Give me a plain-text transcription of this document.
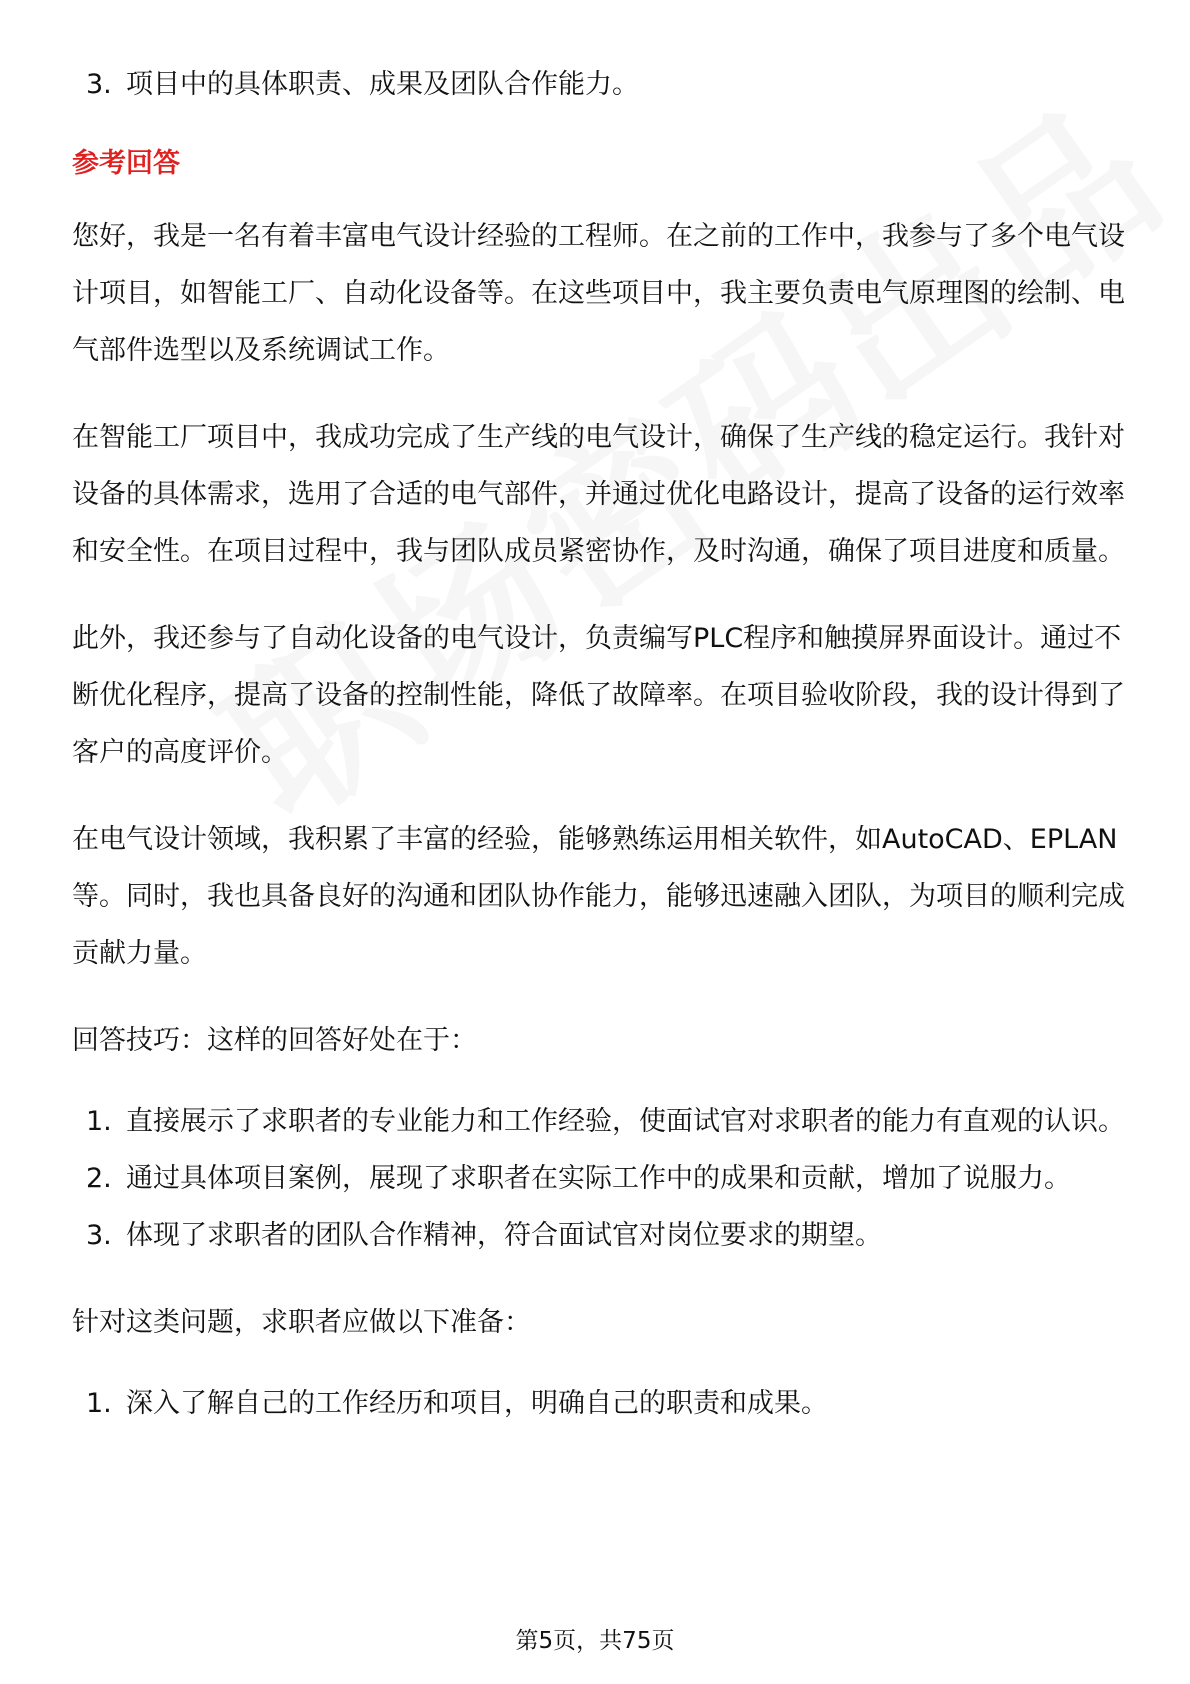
3. 项目中的具体职责、成果及团队合作能力。
参考回答

您好，我是一名有着丰富电气设计经验的工程师。在之前的工作中，我参与了多个电气设计项目，如智能工厂、自动化设备等。在这些项目中，我主要负责电气原理图的绘制、电气部件选型以及系统调试工作。

在智能工厂项目中，我成功完成了生产线的电气设计，确保了生产线的稳定运行。我针对设备的具体需求，选用了合适的电气部件，并通过优化电路设计，提高了设备的运行效率和安全性。在项目过程中，我与团队成员紧密协作，及时沟通，确保了项目进度和质量。

此外，我还参与了自动化设备的电气设计，负责编写PLC程序和触摸屏界面设计。通过不断优化程序，提高了设备的控制性能，降低了故障率。在项目验收阶段，我的设计得到了客户的高度评价。

在电气设计领域，我积累了丰富的经验，能够熟练运用相关软件，如AutoCAD、EPLAN等。同时，我也具备良好的沟通和团队协作能力，能够迅速融入团队，为项目的顺利完成贡献力量。

回答技巧：这样的回答好处在于：
1. 直接展示了求职者的专业能力和工作经验，使面试官对求职者的能力有直观的认识。
2. 通过具体项目案例，展现了求职者在实际工作中的成果和贡献，增加了说服力。
3. 体现了求职者的团队合作精神，符合面试官对岗位要求的期望。
针对这类问题，求职者应做以下准备：
1. 深入了解自己的工作经历和项目，明确自己的职责和成果。
第5页，共75页
